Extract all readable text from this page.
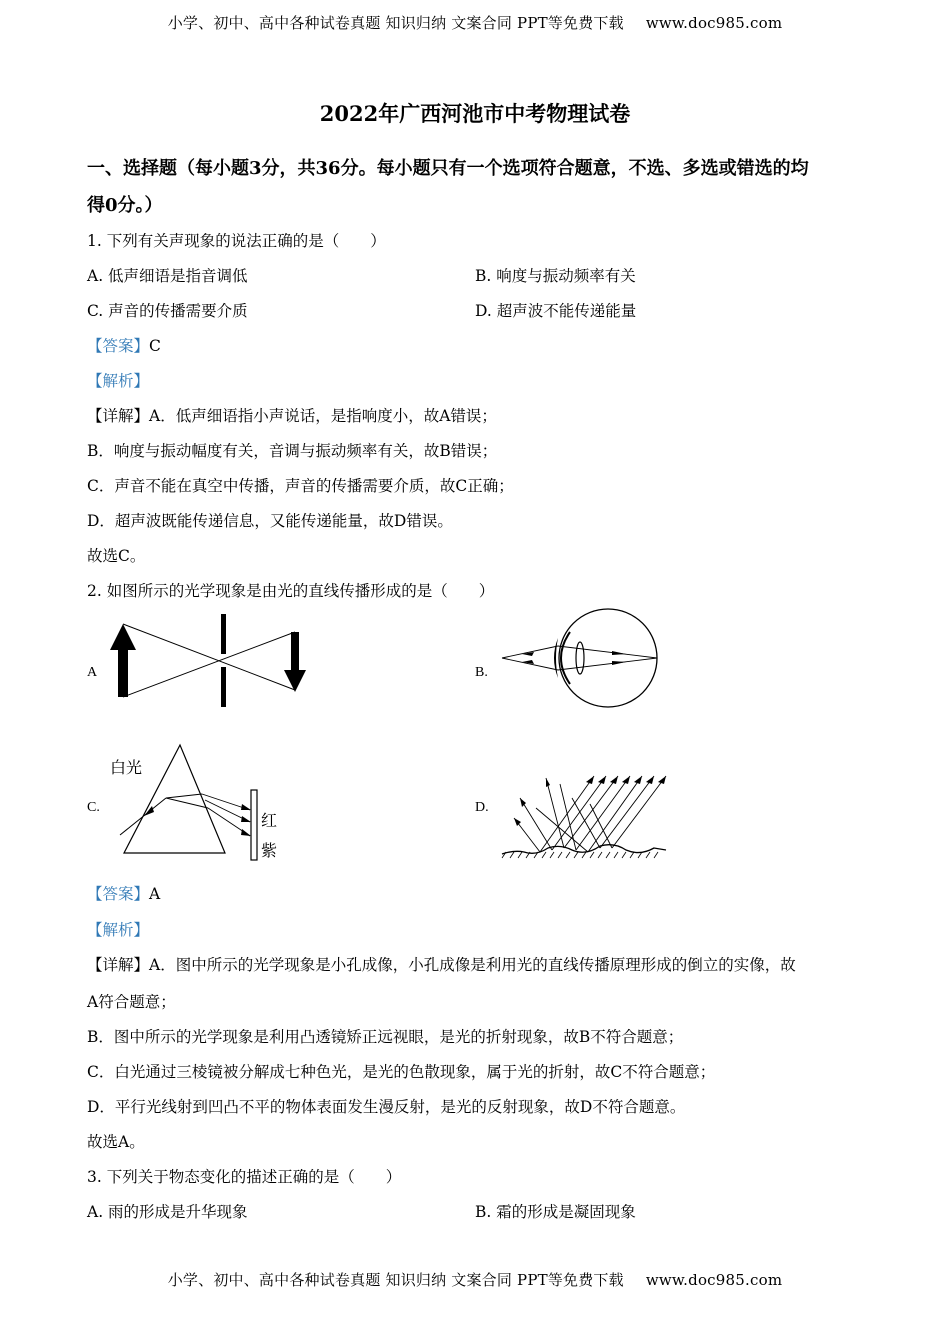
小学、初中、高中各种试卷真题 知识归纳 文案合同 PPT等免费下载 www.doc985.com
2022年广西河池市中考物理试卷
一、选择题（每小题3分，共36分。每小题只有一个选项符合题意，不选、多选或错选的均
得0分。）
1. 下列有关声现象的说法正确的是（　　）
A. 低声细语是指音调低	B. 响度与振动频率有关
C. 声音的传播需要介质	D. 超声波不能传递能量
【答案】C
【解析】
【详解】A．低声细语指小声说话，是指响度小，故A错误；
B．响度与振动幅度有关，音调与振动频率有关，故B错误；
C．声音不能在真空中传播，声音的传播需要介质，故C正确；
D．超声波既能传递信息，又能传递能量，故D错误。
故选C。
2. 如图所示的光学现象是由光的直线传播形成的是（　　）
A	B.
C.	D.
白光
红
紫
【答案】A
【解析】
【详解】A．图中所示的光学现象是小孔成像，小孔成像是利用光的直线传播原理形成的倒立的实像，故
A符合题意；
B．图中所示的光学现象是利用凸透镜矫正远视眼，是光的折射现象，故B不符合题意；
C．白光通过三棱镜被分解成七种色光，是光的色散现象，属于光的折射，故C不符合题意；
D．平行光线射到凹凸不平的物体表面发生漫反射，是光的反射现象，故D不符合题意。
故选A。
3. 下列关于物态变化的描述正确的是（　　）
A. 雨的形成是升华现象	B. 霜的形成是凝固现象
小学、初中、高中各种试卷真题 知识归纳 文案合同 PPT等免费下载 www.doc985.com
